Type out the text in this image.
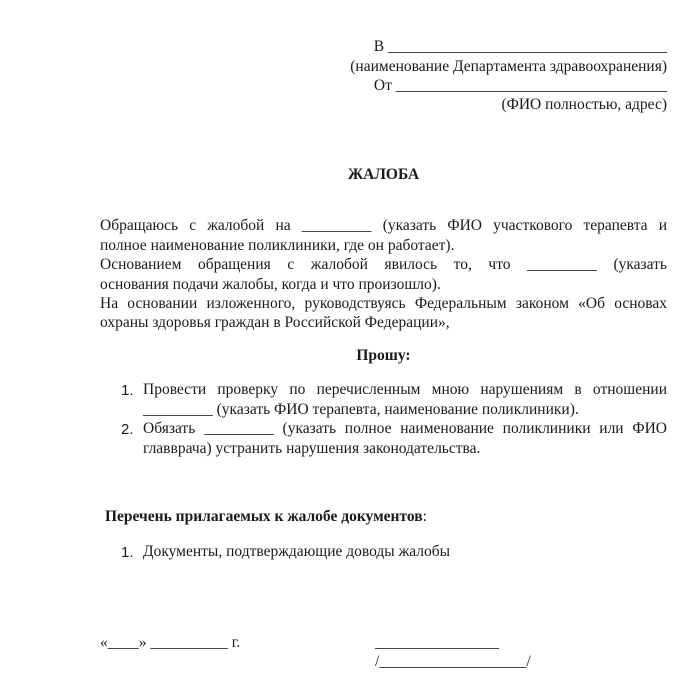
В ____________________________________
(наименование Департамента здравоохранения)
От ___________________________________
(ФИО полностью, адрес)
ЖАЛОБА
Обращаюсь с жалобой на _________ (указать ФИО участкового терапевта и
полное наименование поликлиники, где он работает).
Основанием обращения с жалобой явилось то, что _________ (указать
основания подачи жалобы, когда и что произошло).
На основании изложенного, руководствуясь Федеральным законом «Об основах
охраны здоровья граждан в Российской Федерации»,
Прошу:
1. Провести проверку по перечисленным мною нарушениям в отношении
_________ (указать ФИО терапевта, наименование поликлиники).
2. Обязать _________ (указать полное наименование поликлиники или ФИО
главврача) устранить нарушения законодательства.
Перечень прилагаемых к жалобе документов:
1. Документы, подтверждающие доводы жалобы
«____» __________ г.	________________
/___________________/
